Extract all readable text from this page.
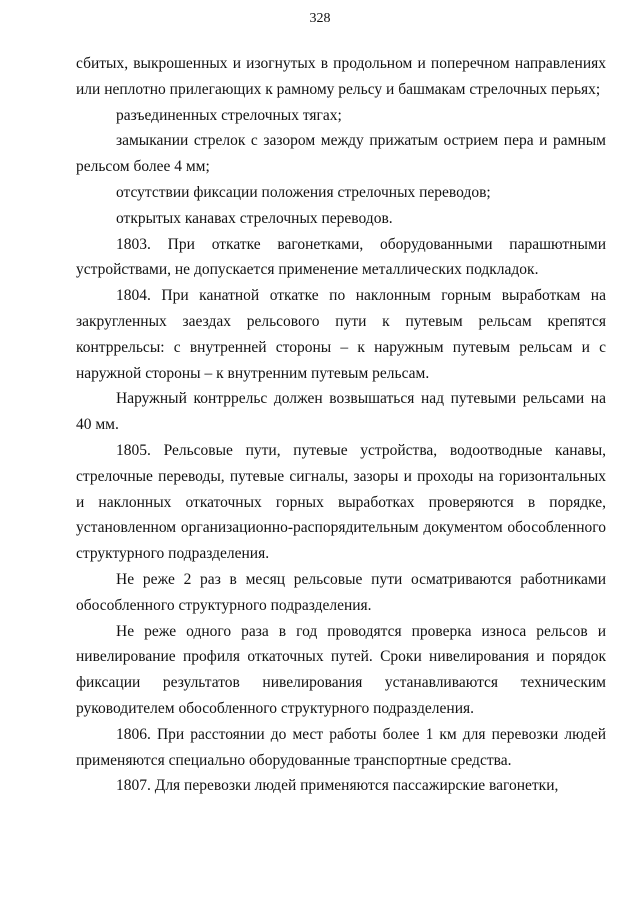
328

сбитых, выкрошенных и изогнутых в продольном и поперечном направлениях или неплотно прилегающих к рамному рельсу и башмакам стрелочных перьях;

разъединенных стрелочных тягах;

замыкании стрелок с зазором между прижатым острием пера и рамным рельсом более 4 мм;

отсутствии фиксации положения стрелочных переводов;

открытых канавах стрелочных переводов.

1803. При откатке вагонетками, оборудованными парашютными устройствами, не допускается применение металлических подкладок.

1804. При канатной откатке по наклонным горным выработкам на закругленных заездах рельсового пути к путевым рельсам крепятся контррельсы: с внутренней стороны – к наружным путевым рельсам и с наружной стороны – к внутренним путевым рельсам.

Наружный контррельс должен возвышаться над путевыми рельсами на 40 мм.

1805. Рельсовые пути, путевые устройства, водоотводные канавы, стрелочные переводы, путевые сигналы, зазоры и проходы на горизонтальных и наклонных откаточных горных выработках проверяются в порядке, установленном организационно-распорядительным документом обособленного структурного подразделения.

Не реже 2 раз в месяц рельсовые пути осматриваются работниками обособленного структурного подразделения.

Не реже одного раза в год проводятся проверка износа рельсов и нивелирование профиля откаточных путей. Сроки нивелирования и порядок фиксации результатов нивелирования устанавливаются техническим руководителем обособленного структурного подразделения.

1806. При расстоянии до мест работы более 1 км для перевозки людей применяются специально оборудованные транспортные средства.

1807. Для перевозки людей применяются пассажирские вагонетки,
